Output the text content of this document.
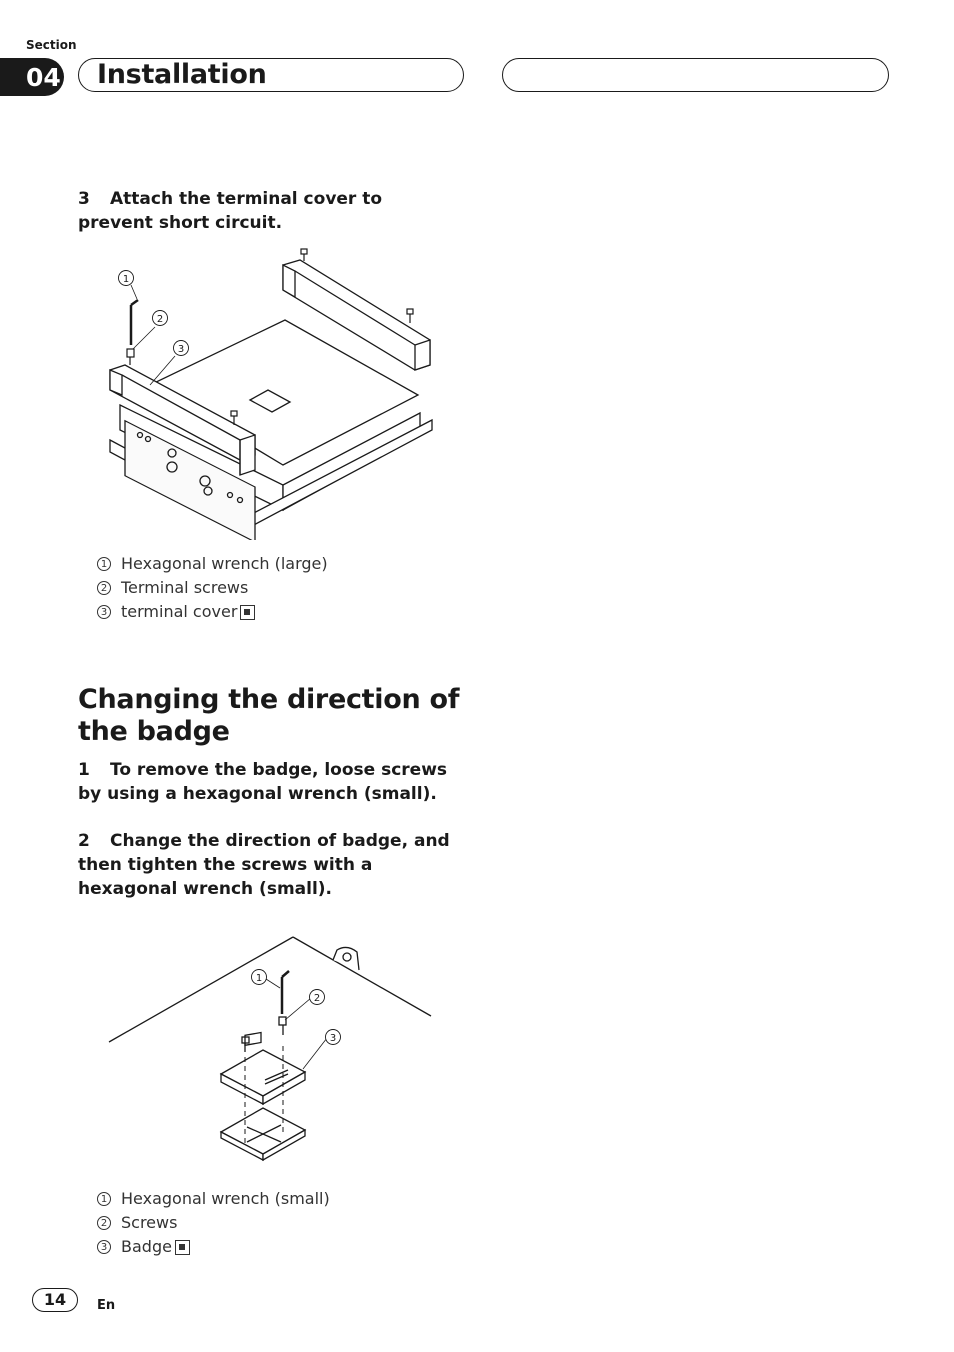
Section
04	Installation
3 Attach the terminal cover to prevent short circuit.
1
2
3
1 Hexagonal wrench (large)
2 Terminal screws
3 terminal cover
Changing the direction of the badge
1 To remove the badge, loose screws by using a hexagonal wrench (small).
2 Change the direction of badge, and then tighten the screws with a hexagonal wrench (small).
1
2
3
1 Hexagonal wrench (small)
2 Screws
3 Badge
14	En
